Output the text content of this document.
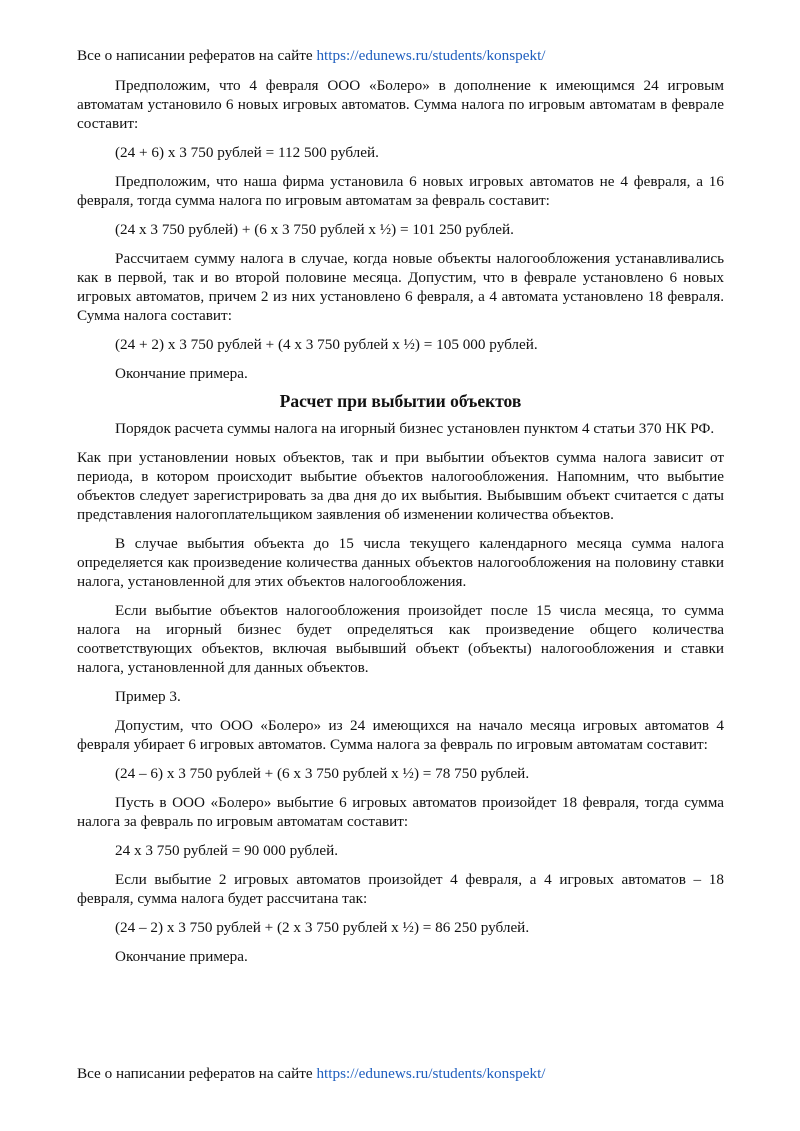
Все о написании рефератов на сайте https://edunews.ru/students/konspekt/

Предположим, что 4 февраля ООО «Болеро» в дополнение к имеющимся 24 игровым автоматам установило 6 новых игровых автоматов. Сумма налога по игровым автоматам в феврале составит:

(24 + 6) х 3 750 рублей = 112 500 рублей.

Предположим, что наша фирма установила 6 новых игровых автоматов не 4 февраля, а 16 февраля, тогда сумма налога по игровым автоматам за февраль составит:

(24 х 3 750 рублей) + (6 х 3 750 рублей х ½) = 101 250 рублей.

Рассчитаем сумму налога в случае, когда новые объекты налогообложения устанавливались как в первой, так и во второй половине месяца. Допустим, что в феврале установлено 6 новых игровых автоматов, причем 2 из них установлено 6 февраля, а 4 автомата установлено 18 февраля. Сумма налога составит:

(24 + 2) х 3 750 рублей + (4 х 3 750 рублей х ½) = 105 000 рублей.

Окончание примера.

Расчет при выбытии объектов

Порядок расчета суммы налога на игорный бизнес установлен пунктом 4 статьи 370 НК РФ.

Как при установлении новых объектов, так и при выбытии объектов сумма налога зависит от периода, в котором происходит выбытие объектов налогообложения. Напомним, что выбытие объектов следует зарегистрировать за два дня до их выбытия. Выбывшим объект считается с даты представления налогоплательщиком заявления об изменении количества объектов.

В случае выбытия объекта до 15 числа текущего календарного месяца сумма налога определяется как произведение количества данных объектов налогообложения на половину ставки налога, установленной для этих объектов налогообложения.

Если выбытие объектов налогообложения произойдет после 15 числа месяца, то сумма налога на игорный бизнес будет определяться как произведение общего количества соответствующих объектов, включая выбывший объект (объекты) налогообложения и ставки налога, установленной для данных объектов.

Пример 3.

Допустим, что ООО «Болеро» из 24 имеющихся на начало месяца игровых автоматов 4 февраля убирает 6 игровых автоматов. Сумма налога за февраль по игровым автоматам составит:

(24 – 6) х 3 750 рублей + (6 х 3 750 рублей х ½) = 78 750 рублей.

Пусть в ООО «Болеро» выбытие 6 игровых автоматов произойдет 18 февраля, тогда сумма налога за февраль по игровым автоматам составит:

24 х 3 750 рублей = 90 000 рублей.

Если выбытие 2 игровых автоматов произойдет 4 февраля, а 4 игровых автоматов – 18 февраля, сумма налога будет рассчитана так:

(24 – 2) х 3 750 рублей + (2 х 3 750 рублей х ½) = 86 250 рублей.

Окончание примера.

Все о написании рефератов на сайте https://edunews.ru/students/konspekt/
